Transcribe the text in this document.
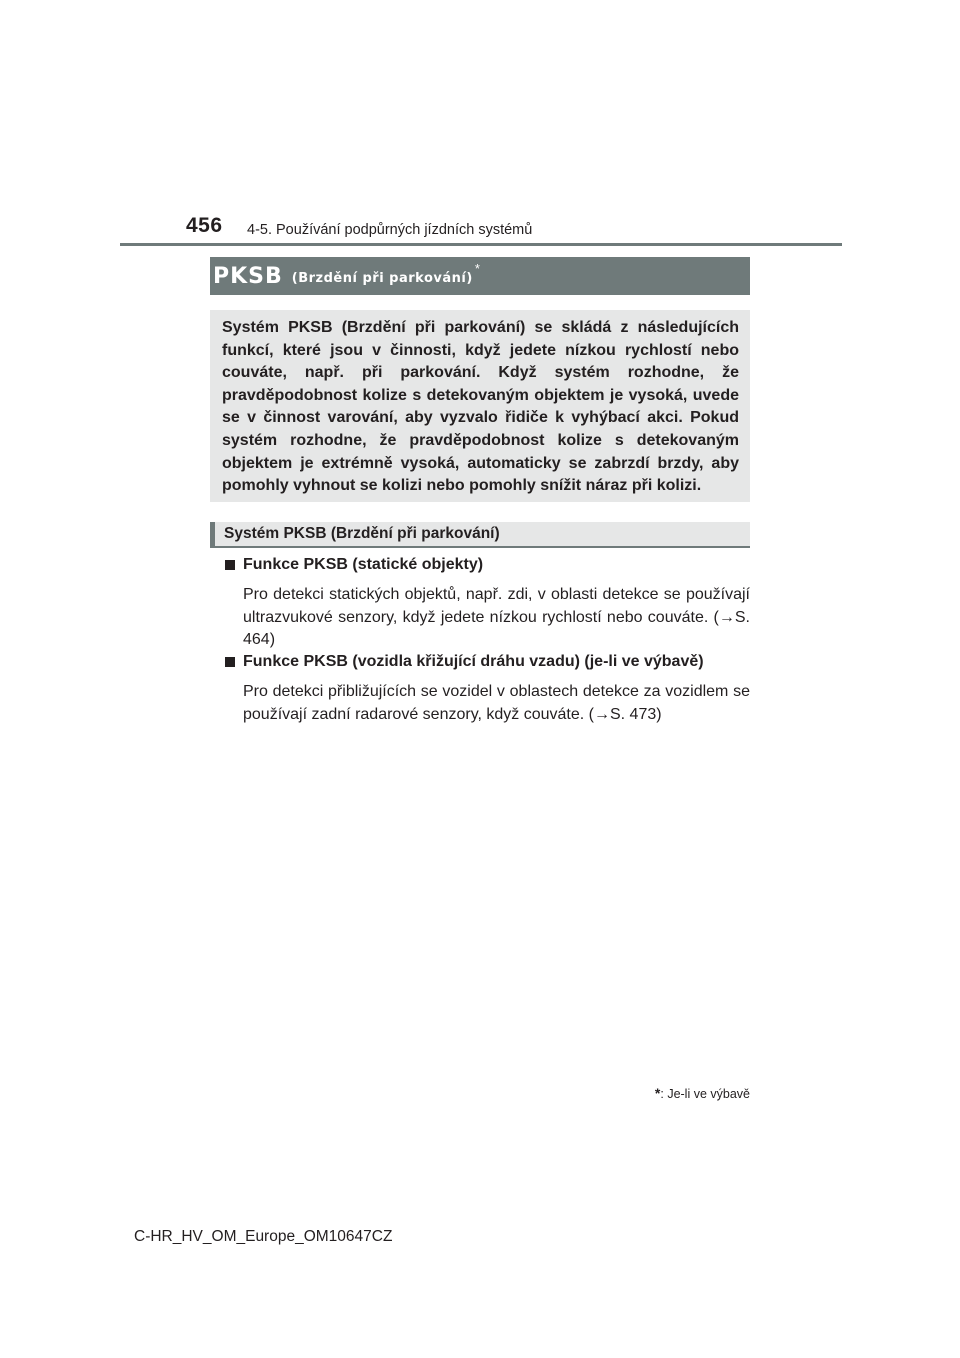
456 4-5. Používání podpůrných jízdních systémů
PKSB (Brzdění při parkování)
*

Systém PKSB (Brzdění při parkování) se skládá z následujících funkcí, které jsou v činnosti, když jedete nízkou rychlostí nebo couváte, např. při parkování. Když systém rozhodne, že pravděpodobnost kolize s detekovaným objektem je vysoká, uvede se v činnost varování, aby vyzvalo řidiče k vyhýbací akci. Pokud systém rozhodne, že pravděpodobnost kolize s detekovaným objektem je extrémně vysoká, automaticky se zabrzdí brzdy, aby pomohly vyhnout se kolizi nebo pomohly snížit náraz při kolizi.

Systém PKSB (Brzdění při parkování)
Funkce PKSB (statické objekty)

Pro detekci statických objektů, např. zdi, v oblasti detekce se používají ultrazvukové senzory, když jedete nízkou rychlostí nebo couváte. (→S. 464)

Funkce PKSB (vozidla křižující dráhu vzadu) (je-li ve výbavě)

Pro detekci přibližujících se vozidel v oblastech detekce za vozidlem se používají zadní radarové senzory, když couváte. (→S. 473)

*: Je-li ve výbavě
C-HR_HV_OM_Europe_OM10647CZ
